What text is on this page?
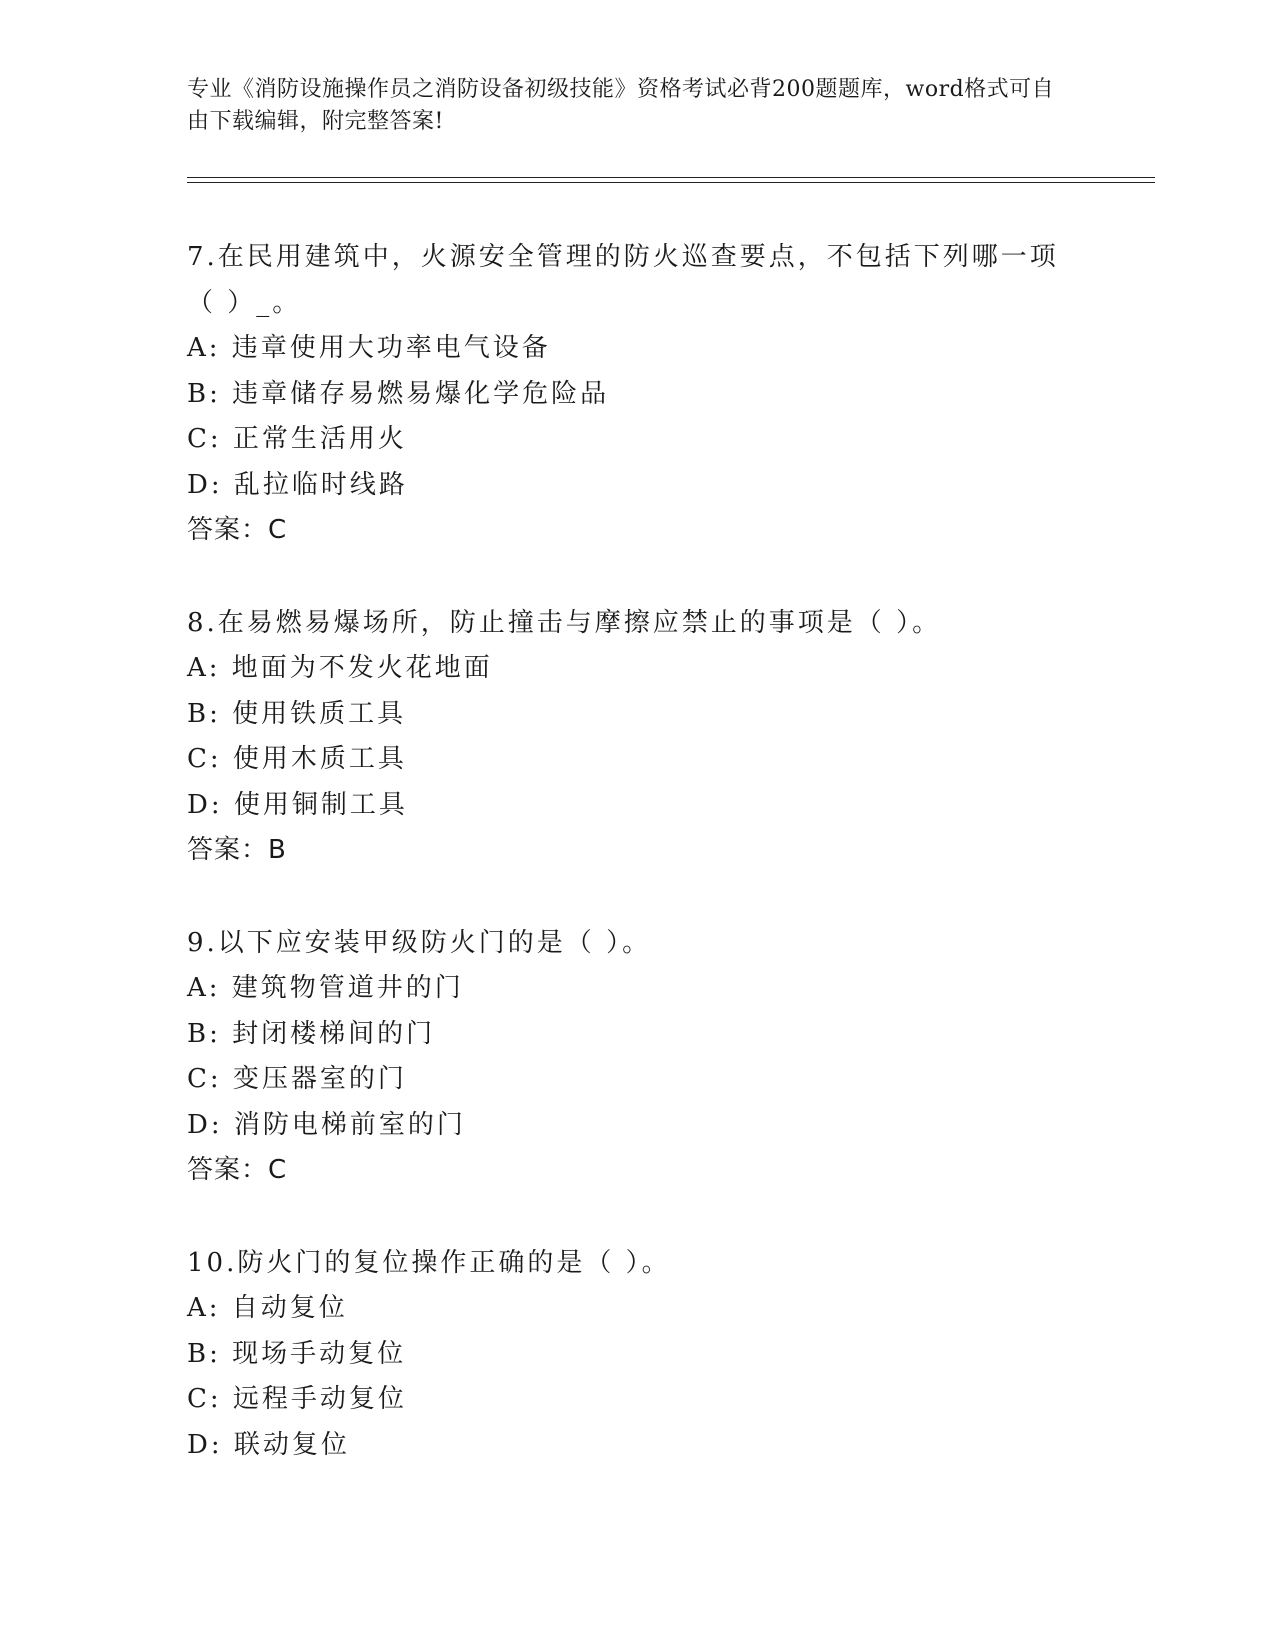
专业《消防设施操作员之消防设备初级技能》资格考试必背200题题库，word格式可自由下载编辑，附完整答案!
7.在民用建筑中，火源安全管理的防火巡查要点，不包括下列哪一项（ ）_。
A: 违章使用大功率电气设备
B: 违章储存易燃易爆化学危险品
C: 正常生活用火
D: 乱拉临时线路
答案：C
8.在易燃易爆场所，防止撞击与摩擦应禁止的事项是（ ）。
A: 地面为不发火花地面
B: 使用铁质工具
C: 使用木质工具
D: 使用铜制工具
答案：B
9.以下应安装甲级防火门的是（ ）。
A: 建筑物管道井的门
B: 封闭楼梯间的门
C: 变压器室的门
D: 消防电梯前室的门
答案：C
10.防火门的复位操作正确的是（ ）。
A: 自动复位
B: 现场手动复位
C: 远程手动复位
D: 联动复位
